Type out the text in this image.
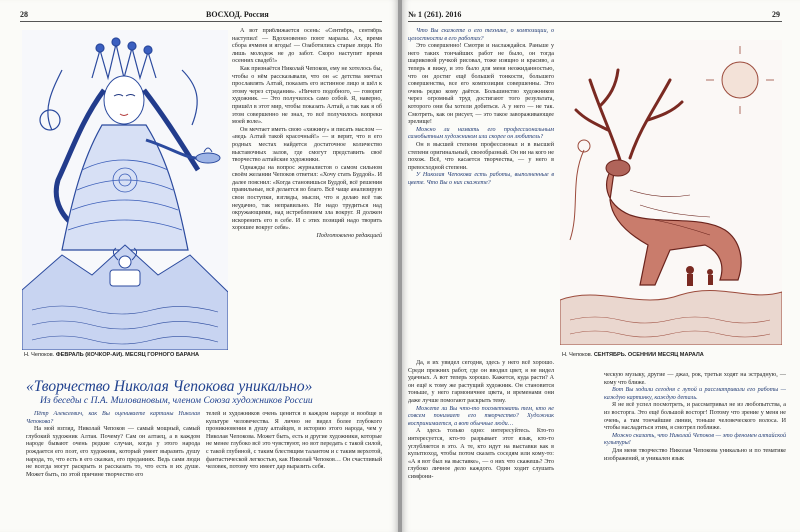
28	ВОСХОД. Россия
Н. Чепоков. ФЕВРАЛЬ (КОЧКОР-АЙ). МЕСЯЦ ГОРНОГО БАРАНА

А вот приближается осень: «Сентябрь, сентябрь наступил! — Вдохновенно поют маралы. Ах, время сбора ячменя и ягоды! — Озаботились старые люди. Но лишь молодеж не до забот. Скоро наступит время осенних свадеб!»

Как признаётся Николай Чепоков, ему не хотелось бы, чтобы о нём рассказывали, что он «с детства мечтал прославлять Алтай, показать его истинное лицо и шёл к этому через страдания». «Ничего подобного, — говорит художник. — Это получилось само собой. Я, наверно, пришёл в этот мир, чтобы показать Алтай, а так как я об этом совершенно не знал, то всё получилось вопреки моей воле».

Он мечтает иметь свою «хижину» и писать маслом — «ведь Алтай такой красочный!» — и верит, что в его родных местах найдется достаточное количество выставочных залов, где смогут представить своё творчество алтайские художники.

Однажды на вопрос журналистов о самом сильном своём желании Чепоков ответил: «Хочу стать Буддой». И далее пояснил: «Когда становишься Буддой, всё решения правильные, всё делается во благо. Всё чаще анализирую свои поступки, взгляды, мысли, что я делаю всё так неудачно, так неправильно. Не надо трудиться над окружающими, над истреблением зла вокруг. Я должен искоренить его в себе. И с этих позиций надо творить хорошее вокруг себя».

Подготовлено редакцией

«Творчество Николая Чепокова уникально»
Из беседы с П.А. Миловановым, членом Союза художников России

Пётр Алексеевич, как Вы оцениваете картины Николая Чепокова?

На мой взгляд, Николай Чепоков — самый мощный, самый глубокий художник Алтая. Почему? Сам он алтаец, а в каждом народе бывают очень редкие случаи, когда у этого народа рождается его поэт, его художник, который умеет выразить душу народа, то, что есть в его сказках, его преданиях. Ведь сами люди не всегда могут раскрыть и рассказать то, что есть в их душе. Может быть, по этой причине творчество его

телей и художников очень ценится в каждом народе и вообще в культуре человечества. Я лично не видел более глубокого проникновения в душу алтайцев, в историю этого народа, чем у Николая Чепокова. Может быть, есть и другие художники, которые не менее глубоко всё это чувствуют, но вот передать с такой силой, с такой глубиной, с таким блестящим талантом и с таким верхотой, фантастической легкостью, как Николай Чепоков… Он счастливый человек, потому что имеет дар выразить себя.

№ 1 (261). 2016	29

Что Вы скажете о его технике, о композиции, о целостности в его работах?

Это совершенно! Смотри и наслаждайся. Раньше у него таких тончайших работ не было, он тогда шариковой ручкой рисовал, тоже изящно и красиво, а теперь я вижу, и это было для меня неожиданностью, что он достиг ещё большей тонкости, большего совершенства, все его композиции совершенны. Это очень редко кому даётся. Большинство художников через огромный труд достигают того результата, которого они бы хотели добиться. А у него — не так. Смотреть, как он рисует, — это такое завораживающее зрелище!

Можно ли назвать его профессиональным самобытным художником или скорее он любитель?

Он в высшей степени профессионал и в высшей степени оригинальный, своеобразный. Он ни на кого не похож. Всё, что касается творчества, — у него в превосходной степени.

У Николая Чепокова есть работы, выполненные в цвете. Что Вы о них скажете?

Н. Чепоков. СЕНТЯБРЬ. ОСЕННИЙ МЕСЯЦ МАРАЛА

Да, я их увидел сегодня, здесь у него всё хорошо. Среди прежних работ, где он вводил цвет, я не видел удачных. А вот теперь хорошо. Кажется, куда расти? А он ещё к тому же растущий художник. Он становится тоньше, у него гармоничнее цвета, и временами они даже лучше помогают раскрыть тему.

Можете ли Вы что-то посоветовать тем, кто не совсем понимает его творчество? Художник воспринимается, а вот обычные люди…

А здесь только одно: интересуйтесь. Кто-то интересуется, кто-то разрывает этот язык, кто-то углубляется в это. А те, кто идут на выставки как в культпоход, чтобы потом сказать соседям или кому-то: «А я вот был на выставке», — о них что скажешь? Это глубоко личное дело каждого. Один ходит слушать симфони-

ческую музыку, другие — джаз, рок, третьи ходят на эстрадную, — кому что ближе.

Вот Вы ходили сегодня с лупой и рассматривали его работы — каждую картинку, каждую деталь.

Я не всё успел посмотреть, и рассматривал не из любопытства, а из восторга. Это ещё большой восторг! Потому что зрение у меня не очень, а там тончайшие линии, тоньше человеческого волоса. И чтобы насладиться этим, я смотрел поближе.

Можно сказать, что Николай Чепоков — это феномен алтайской культуры!

Для меня творчество Николая Чепокова уникально и по тематике изображений, и уникален язык
